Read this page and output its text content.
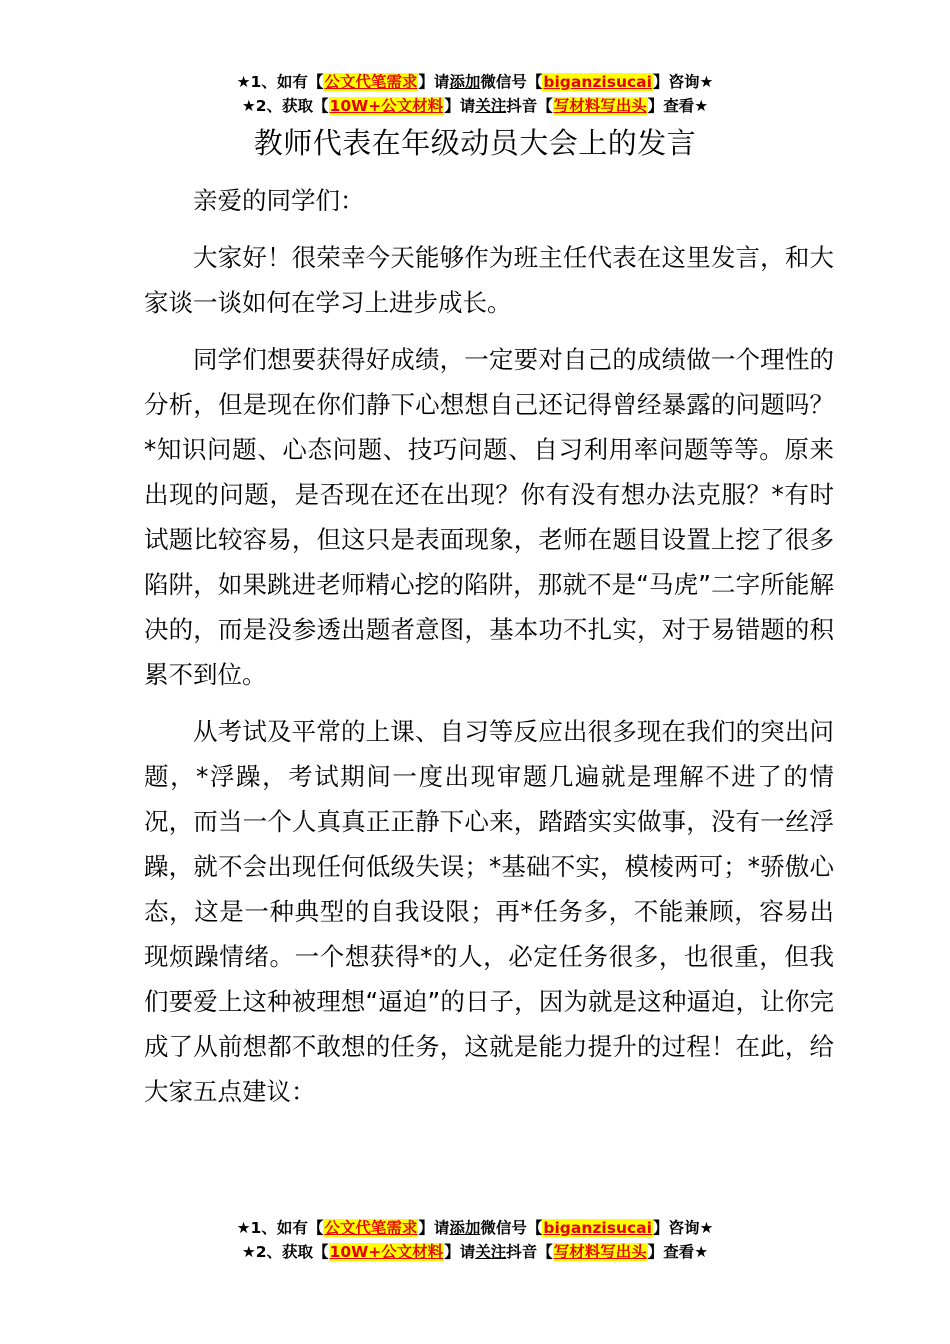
★1、如有【公文代笔需求】请添加微信号【biganzisucai】咨询★
★2、获取【10W+公文材料】请关注抖音【写材料写出头】查看★
教师代表在年级动员大会上的发言

亲爱的同学们：

大家好！很荣幸今天能够作为班主任代表在这里发言，和大家谈一谈如何在学习上进步成长。

同学们想要获得好成绩，一定要对自己的成绩做一个理性的分析，但是现在你们静下心想想自己还记得曾经暴露的问题吗？*知识问题、心态问题、技巧问题、自习利用率问题等等。原来出现的问题，是否现在还在出现？你有没有想办法克服？*有时试题比较容易，但这只是表面现象，老师在题目设置上挖了很多陷阱，如果跳进老师精心挖的陷阱，那就不是“马虎”二字所能解决的，而是没参透出题者意图，基本功不扎实，对于易错题的积累不到位。

从考试及平常的上课、自习等反应出很多现在我们的突出问题，*浮躁，考试期间一度出现审题几遍就是理解不进了的情况，而当一个人真真正正静下心来，踏踏实实做事，没有一丝浮躁，就不会出现任何低级失误；*基础不实，模棱两可；*骄傲心态，这是一种典型的自我设限；再*任务多，不能兼顾，容易出现烦躁情绪。一个想获得*的人，必定任务很多，也很重，但我们要爱上这种被理想“逼迫”的日子，因为就是这种逼迫，让你完成了从前想都不敢想的任务，这就是能力提升的过程！在此，给大家五点建议：

★1、如有【公文代笔需求】请添加微信号【biganzisucai】咨询★
★2、获取【10W+公文材料】请关注抖音【写材料写出头】查看★
